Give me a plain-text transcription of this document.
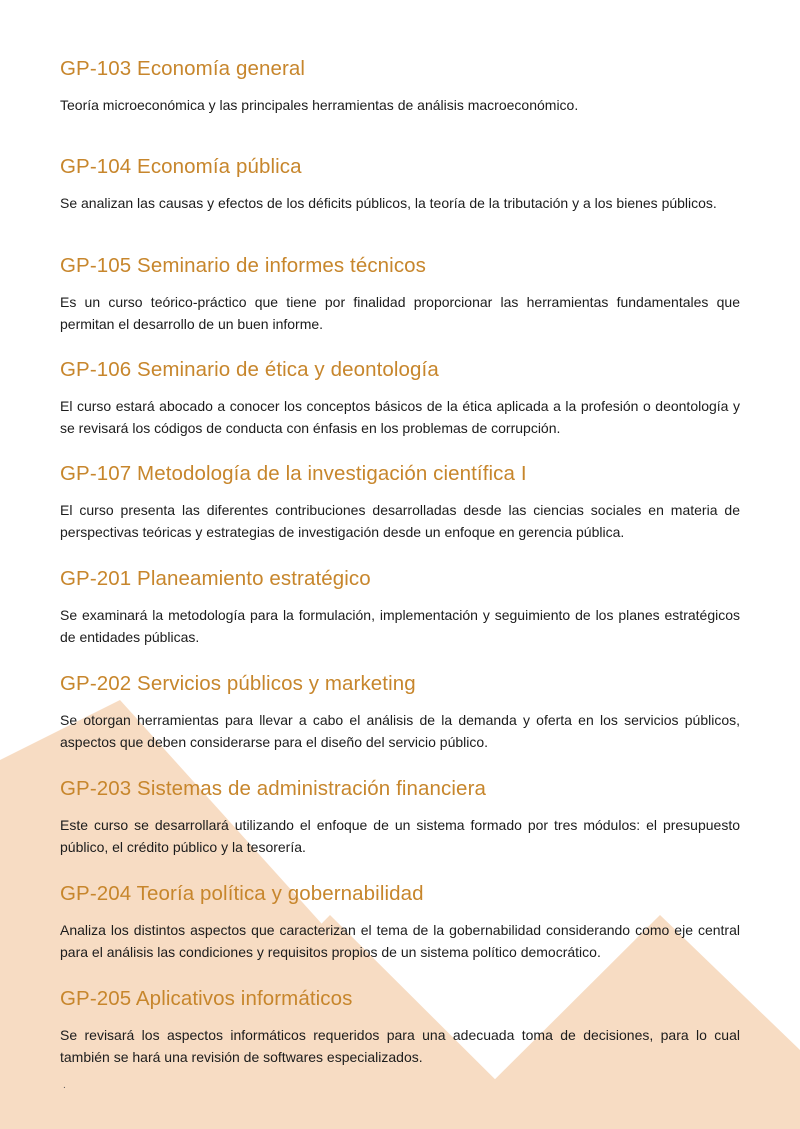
GP-103 Economía general

Teoría microeconómica y las principales herramientas de análisis macroeconómico.

GP-104 Economía pública

Se analizan las causas y efectos de los déficits públicos, la teoría de la tributación y a los bienes públicos.

GP-105 Seminario de informes técnicos

Es un curso teórico-práctico que tiene por finalidad proporcionar las herramientas fundamentales que permitan el desarrollo de un buen informe.

GP-106 Seminario de ética y deontología

El curso estará abocado a conocer los conceptos básicos de la ética aplicada a la profesión o deontología y se revisará los códigos de conducta con énfasis en los problemas de corrupción.

GP-107 Metodología de la investigación científica I

El curso presenta las diferentes contribuciones desarrolladas desde las ciencias sociales en materia de perspectivas teóricas y estrategias de investigación desde un enfoque en gerencia pública.

GP-201 Planeamiento estratégico

Se examinará la metodología para la formulación, implementación y seguimiento de los planes estratégicos de entidades públicas.

GP-202 Servicios públicos y marketing

Se otorgan herramientas para llevar a cabo el análisis de la demanda y oferta en los servicios públicos, aspectos que deben considerarse para el diseño del servicio público.

GP-203 Sistemas de administración financiera

Este curso se desarrollará utilizando el enfoque de un sistema formado por tres módulos: el presupuesto público, el crédito público y la tesorería.

GP-204 Teoría política y gobernabilidad

Analiza los distintos aspectos que caracterizan el tema de la gobernabilidad considerando como eje central para el análisis las condiciones y requisitos propios de un sistema político democrático.

GP-205 Aplicativos informáticos

Se revisará los aspectos informáticos requeridos para una adecuada toma de decisiones, para lo cual también se hará una revisión de softwares especializados.

.
